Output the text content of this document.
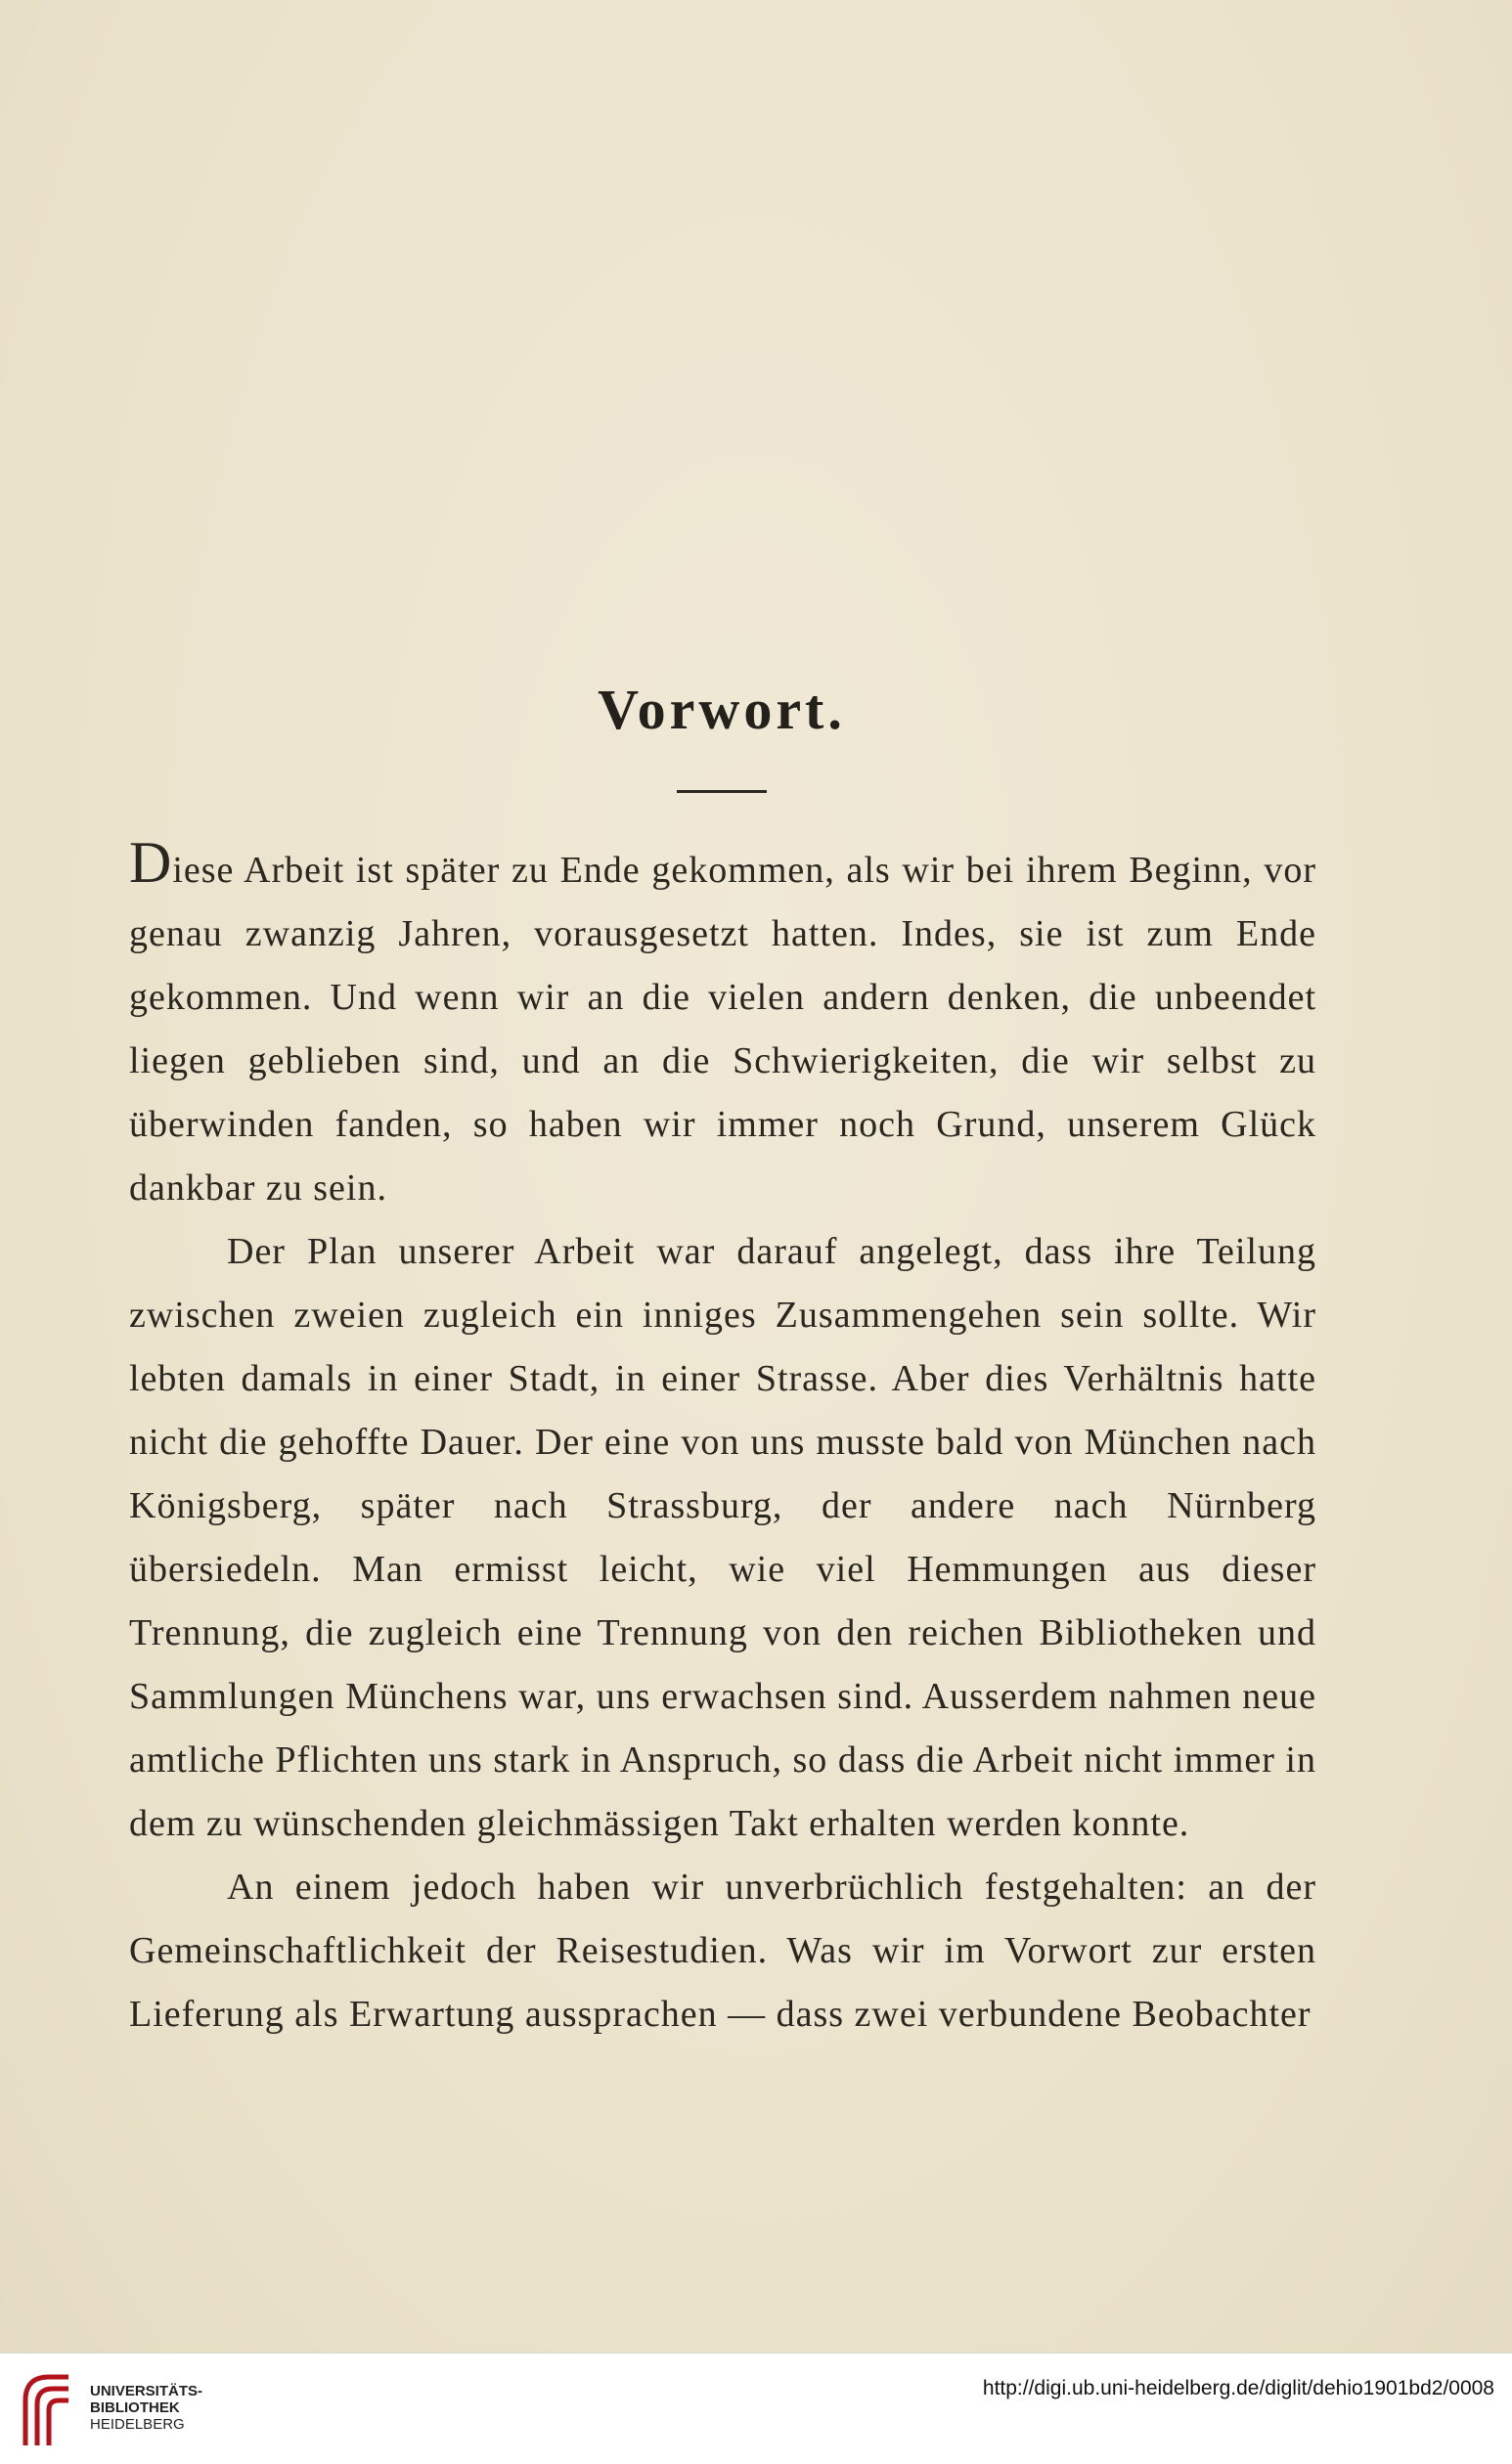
Vorwort.

Diese Arbeit ist später zu Ende gekommen, als wir bei ihrem Beginn, vor genau zwanzig Jahren, vorausgesetzt hatten. Indes, sie ist zum Ende gekommen. Und wenn wir an die vielen andern denken, die unbeendet liegen geblieben sind, und an die Schwierigkeiten, die wir selbst zu überwinden fanden, so haben wir immer noch Grund, unserem Glück dankbar zu sein.

Der Plan unserer Arbeit war darauf angelegt, dass ihre Teilung zwischen zweien zugleich ein inniges Zusammengehen sein sollte. Wir lebten damals in einer Stadt, in einer Strasse. Aber dies Verhältnis hatte nicht die gehoffte Dauer. Der eine von uns musste bald von München nach Königsberg, später nach Strassburg, der andere nach Nürnberg übersiedeln. Man ermisst leicht, wie viel Hemmungen aus dieser Trennung, die zugleich eine Trennung von den reichen Bibliotheken und Sammlungen Münchens war, uns erwachsen sind. Ausserdem nahmen neue amtliche Pflichten uns stark in Anspruch, so dass die Arbeit nicht immer in dem zu wünschenden gleichmässigen Takt erhalten werden konnte.

An einem jedoch haben wir unverbrüchlich festgehalten: an der Gemeinschaftlichkeit der Reisestudien. Was wir im Vorwort zur ersten Lieferung als Erwartung aussprachen — dass zwei verbundene Beobachter

UNIVERSITÄTS-
BIBLIOTHEK
HEIDELBERG
http://digi.ub.uni-heidelberg.de/diglit/dehio1901bd2/0008
